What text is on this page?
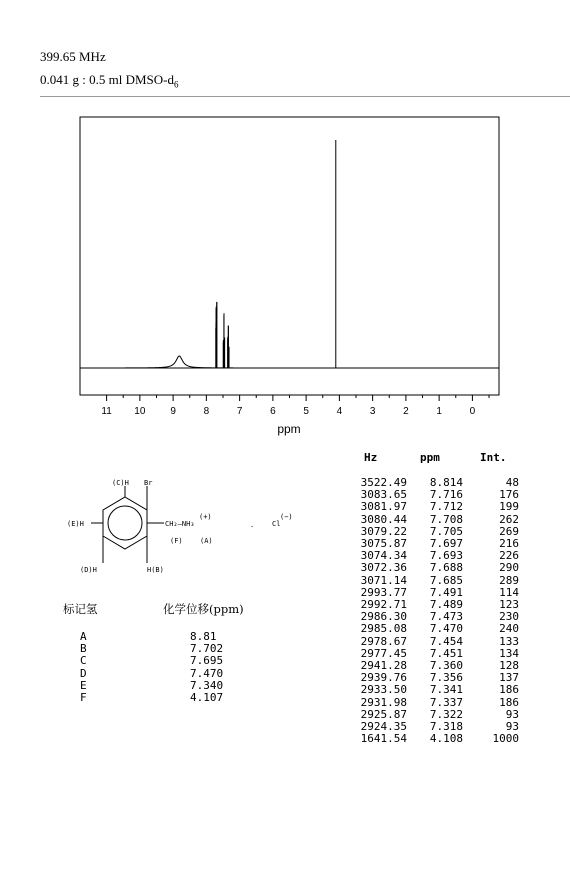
399.65 MHz
0.041 g : 0.5 ml DMSO-$d_6$
11 10 9	8	7	6	5	4	3	2	1	0
ppm
(C)H Br
(E)H	CH₂—NH₃
(+)
(F) (A)
·	Cl
(−)
(D)H	H(B)
Hz	ppm	Int.
3522.49	8.814	48
3083.65	7.716	176
3081.97	7.712	199
3080.44	7.708	262
3079.22	7.705	269
3075.87	7.697	216
3074.34	7.693	226
3072.36	7.688	290
3071.14	7.685	289
2993.77	7.491	114
2992.71	7.489	123
2986.30	7.473	230
2985.08	7.470	240
2978.67	7.454	133
2977.45	7.451	134
2941.28	7.360	128
2939.76	7.356	137
2933.50	7.341	186
2931.98	7.337	186
2925.87	7.322	93
2924.35	7.318	93
1641.54	4.108	1000
标记氢	化学位移(ppm)
A	8.81
B	7.702
C	7.695
D	7.470
E	7.340
F	4.107
